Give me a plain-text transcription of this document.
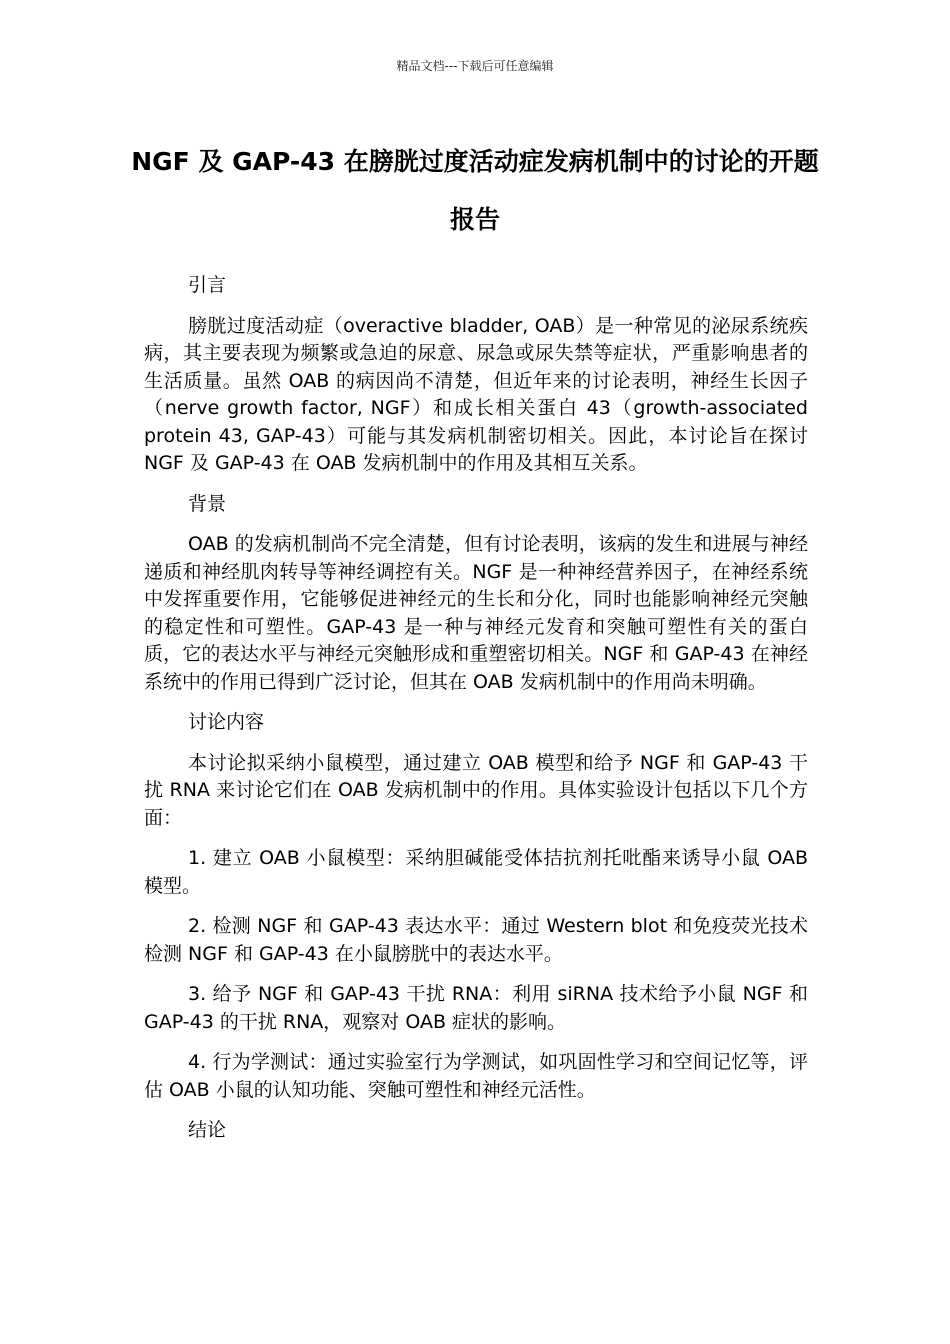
精品文档---下载后可任意编辑
NGF 及 GAP-43 在膀胱过度活动症发病机制中的讨论的开题报告

引言

膀胱过度活动症（overactive bladder, OAB）是一种常见的泌尿系统疾病，其主要表现为频繁或急迫的尿意、尿急或尿失禁等症状，严重影响患者的生活质量。虽然 OAB 的病因尚不清楚，但近年来的讨论表明，神经生长因子（nerve growth factor, NGF）和成长相关蛋白 43（growth-associated protein 43, GAP-43）可能与其发病机制密切相关。因此，本讨论旨在探讨 NGF 及 GAP-43 在 OAB 发病机制中的作用及其相互关系。

背景

OAB 的发病机制尚不完全清楚，但有讨论表明，该病的发生和进展与神经递质和神经肌肉转导等神经调控有关。NGF 是一种神经营养因子，在神经系统中发挥重要作用，它能够促进神经元的生长和分化，同时也能影响神经元突触的稳定性和可塑性。GAP-43 是一种与神经元发育和突触可塑性有关的蛋白质，它的表达水平与神经元突触形成和重塑密切相关。NGF 和 GAP-43 在神经系统中的作用已得到广泛讨论，但其在 OAB 发病机制中的作用尚未明确。

讨论内容

本讨论拟采纳小鼠模型，通过建立 OAB 模型和给予 NGF 和 GAP-43 干扰 RNA 来讨论它们在 OAB 发病机制中的作用。具体实验设计包括以下几个方面：

1. 建立 OAB 小鼠模型：采纳胆碱能受体拮抗剂托吡酯来诱导小鼠 OAB 模型。

2. 检测 NGF 和 GAP-43 表达水平：通过 Western blot 和免疫荧光技术检测 NGF 和 GAP-43 在小鼠膀胱中的表达水平。

3. 给予 NGF 和 GAP-43 干扰 RNA：利用 siRNA 技术给予小鼠 NGF 和 GAP-43 的干扰 RNA，观察对 OAB 症状的影响。

4. 行为学测试：通过实验室行为学测试，如巩固性学习和空间记忆等，评估 OAB 小鼠的认知功能、突触可塑性和神经元活性。

结论
